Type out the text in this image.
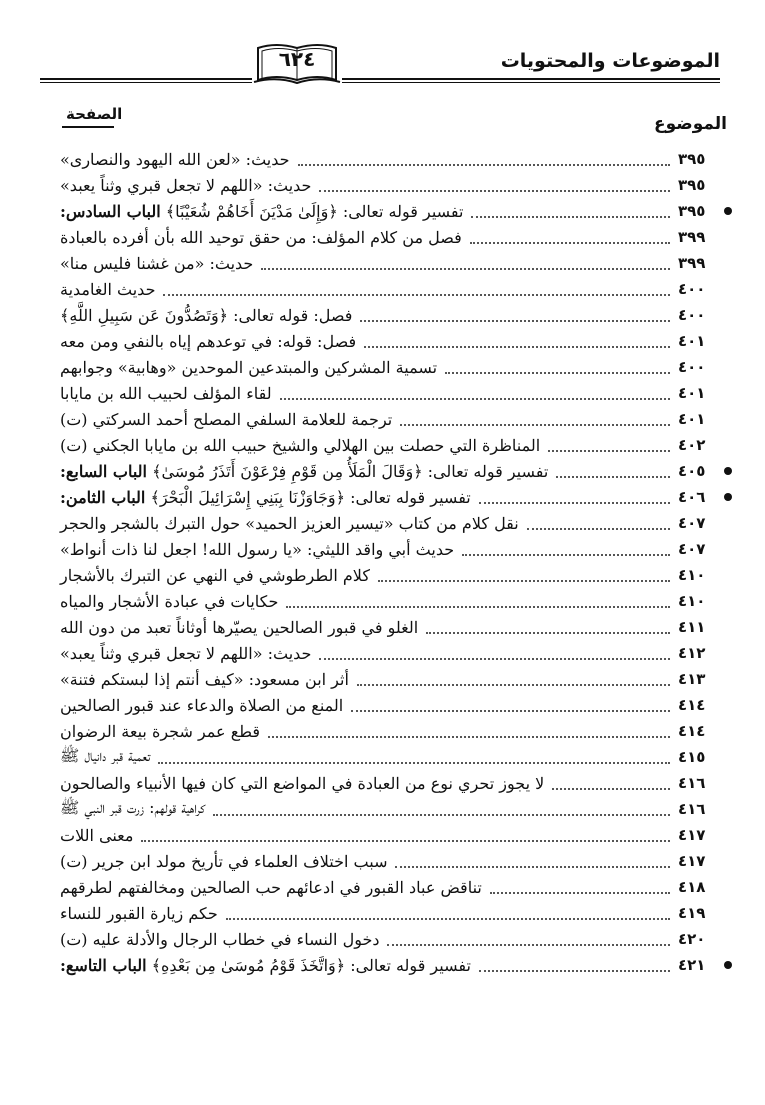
الموضوعات والمحتويات
٦٢٤
الموضوع
الصفحة
حديث: «لعن الله اليهود والنصارى»	٣٩٥
حديث: «اللهم لا تجعل قبري وثناً يعبد»	٣٩٥
الباب السادس:
تفسير قوله تعالى: ﴿وَإِلَىٰ مَدْيَنَ أَخَاهُمْ شُعَيْبًا﴾	٣٩٥
فصل من كلام المؤلف: من حقق توحيد الله بأن أفرده بالعبادة	٣٩٩
حديث: «من غشنا فليس منا»	٣٩٩
حديث الغامدية	٤٠٠
فصل: قوله تعالى: ﴿وَتَصُدُّونَ عَن سَبِيلِ اللَّهِ﴾	٤٠٠
فصل: قوله: في توعدهم إياه بالنفي ومن معه	٤٠١
تسمية المشركين والمبتدعين الموحدين «وهابية» وجوابهم	٤٠٠
لقاء المؤلف لحبيب الله بن مايابا	٤٠١
ترجمة للعلامة السلفي المصلح أحمد السركتي (ت)	٤٠١
المناظرة التي حصلت بين الهلالي والشيخ حبيب الله بن مايابا الجكني (ت)	٤٠٢
الباب السابع:
تفسير قوله تعالى: ﴿وَقَالَ الْمَلَأُ مِن قَوْمِ فِرْعَوْنَ أَتَذَرُ مُوسَىٰ﴾	٤٠٥
الباب الثامن:
تفسير قوله تعالى: ﴿وَجَاوَزْنَا بِبَنِي إِسْرَائِيلَ الْبَحْرَ﴾	٤٠٦
نقل كلام من كتاب «تيسير العزيز الحميد» حول التبرك بالشجر والحجر	٤٠٧
حديث أبي واقد الليثي: «يا رسول الله! اجعل لنا ذات أنواط»	٤٠٧
كلام الطرطوشي في النهي عن التبرك بالأشجار	٤١٠
حكايات في عبادة الأشجار والمياه	٤١٠
الغلو في قبور الصالحين يصيّرها أوثاناً تعبد من دون الله	٤١١
حديث: «اللهم لا تجعل قبري وثناً يعبد»	٤١٢
أثر ابن مسعود: «كيف أنتم إذا لبستكم فتنة»	٤١٣
المنع من الصلاة والدعاء عند قبور الصالحين	٤١٤
قطع عمر شجرة بيعة الرضوان	٤١٤
تعمية قبر دانيال ﷺ	٤١٥
لا يجوز تحري نوع من العبادة في المواضع التي كان فيها الأنبياء والصالحون	٤١٦
كراهية قولهم: زرت قبر النبي ﷺ	٤١٦
معنى اللات	٤١٧
سبب اختلاف العلماء في تأريخ مولد ابن جرير (ت)	٤١٧
تناقض عباد القبور في ادعائهم حب الصالحين ومخالفتهم لطرقهم	٤١٨
حكم زيارة القبور للنساء	٤١٩
دخول النساء في خطاب الرجال والأدلة عليه (ت)	٤٢٠
الباب التاسع:
تفسير قوله تعالى: ﴿وَاتَّخَذَ قَوْمُ مُوسَىٰ مِن بَعْدِهِ﴾	٤٢١
